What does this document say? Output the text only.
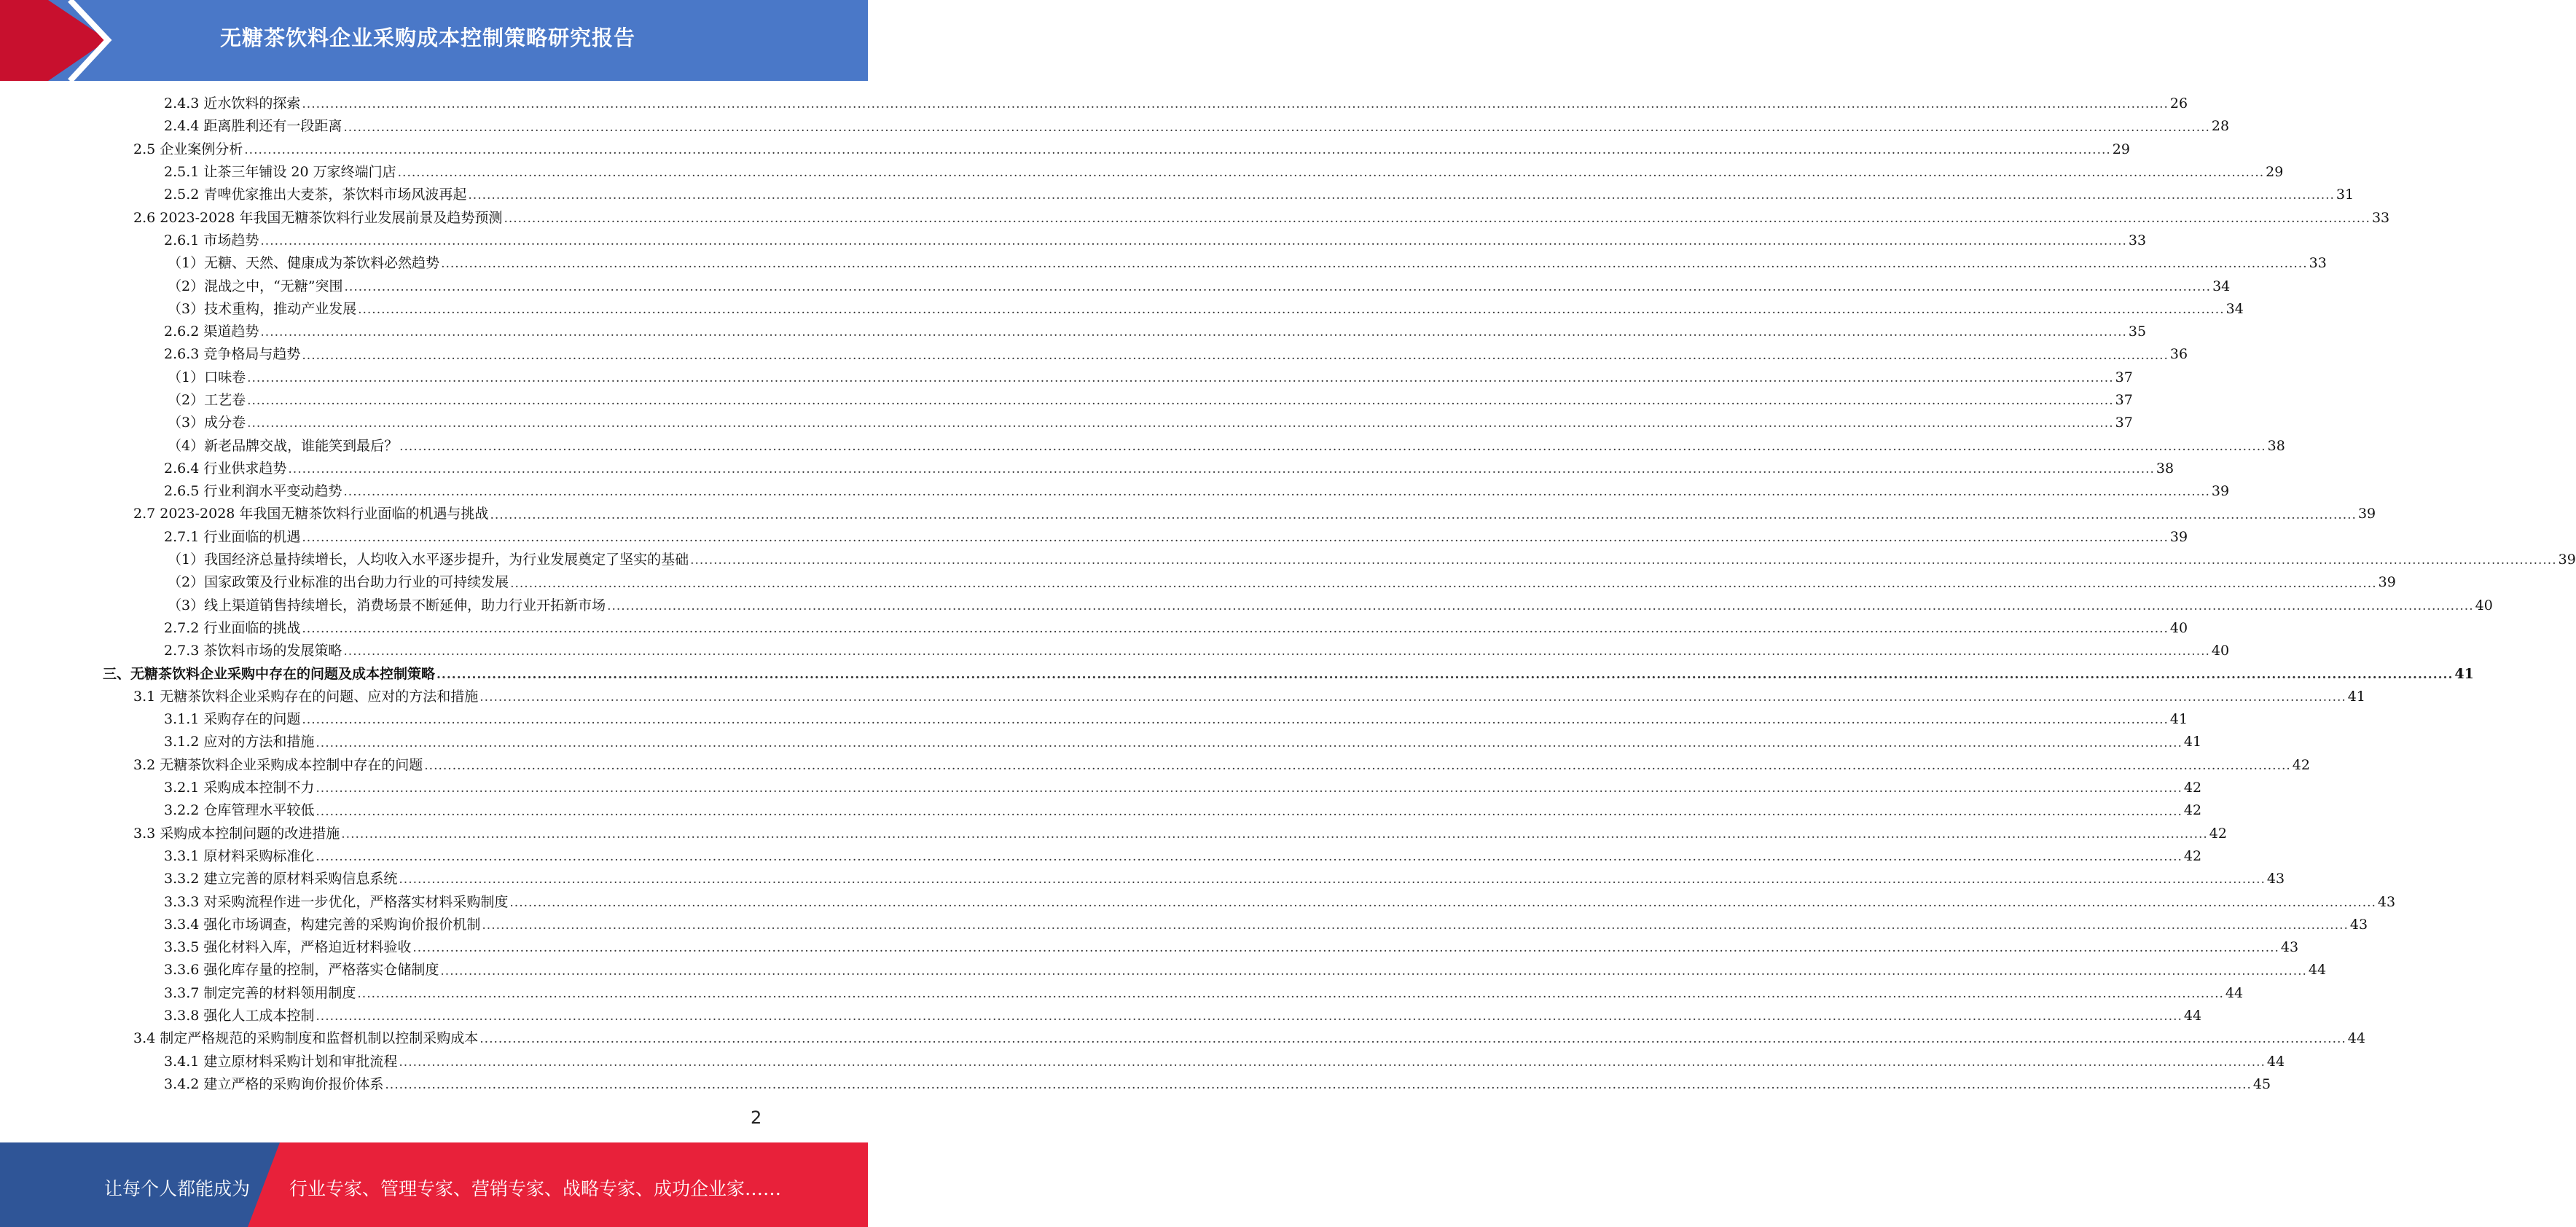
无糖茶饮料企业采购成本控制策略研究报告
2.4.3 近水饮料的探索 ................................................................................................................................................................................................................................................................................................................................................................................................................ 26
2.4.4 距离胜利还有一段距离 ................................................................................................................................................................................................................................................................................................................................................................................................................ 28
2.5 企业案例分析 ................................................................................................................................................................................................................................................................................................................................................................................................................ 29
2.5.1 让茶三年铺设 20 万家终端门店 ................................................................................................................................................................................................................................................................................................................................................................................................................ 29
2.5.2 青啤优家推出大麦茶，茶饮料市场风波再起 ................................................................................................................................................................................................................................................................................................................................................................................................................ 31
2.6 2023-2028 年我国无糖茶饮料行业发展前景及趋势预测 ................................................................................................................................................................................................................................................................................................................................................................................................................ 33
2.6.1 市场趋势 ................................................................................................................................................................................................................................................................................................................................................................................................................ 33
（1）无糖、天然、健康成为茶饮料必然趋势 ................................................................................................................................................................................................................................................................................................................................................................................................................ 33
（2）混战之中，“无糖”突围 ................................................................................................................................................................................................................................................................................................................................................................................................................ 34
（3）技术重构，推动产业发展 ................................................................................................................................................................................................................................................................................................................................................................................................................ 34
2.6.2 渠道趋势 ................................................................................................................................................................................................................................................................................................................................................................................................................ 35
2.6.3 竞争格局与趋势 ................................................................................................................................................................................................................................................................................................................................................................................................................ 36
（1）口味卷 ................................................................................................................................................................................................................................................................................................................................................................................................................ 37
（2）工艺卷 ................................................................................................................................................................................................................................................................................................................................................................................................................ 37
（3）成分卷 ................................................................................................................................................................................................................................................................................................................................................................................................................ 37
（4）新老品牌交战，谁能笑到最后？ ................................................................................................................................................................................................................................................................................................................................................................................................................ 38
2.6.4 行业供求趋势 ................................................................................................................................................................................................................................................................................................................................................................................................................ 38
2.6.5 行业利润水平变动趋势 ................................................................................................................................................................................................................................................................................................................................................................................................................ 39
2.7 2023-2028 年我国无糖茶饮料行业面临的机遇与挑战 ................................................................................................................................................................................................................................................................................................................................................................................................................ 39
2.7.1 行业面临的机遇 ................................................................................................................................................................................................................................................................................................................................................................................................................ 39
（1）我国经济总量持续增长，人均收入水平逐步提升，为行业发展奠定了坚实的基础 ................................................................................................................................................................................................................................................................................................................................................................................................................ 39
（2）国家政策及行业标准的出台助力行业的可持续发展 ................................................................................................................................................................................................................................................................................................................................................................................................................ 39
（3）线上渠道销售持续增长，消费场景不断延伸，助力行业开拓新市场 ................................................................................................................................................................................................................................................................................................................................................................................................................ 40
2.7.2 行业面临的挑战 ................................................................................................................................................................................................................................................................................................................................................................................................................ 40
2.7.3 茶饮料市场的发展策略 ................................................................................................................................................................................................................................................................................................................................................................................................................ 40
三、无糖茶饮料企业采购中存在的问题及成本控制策略 ................................................................................................................................................................................................................................................................................................................................................................................................................ 41
3.1 无糖茶饮料企业采购存在的问题、应对的方法和措施 ................................................................................................................................................................................................................................................................................................................................................................................................................ 41
3.1.1 采购存在的问题 ................................................................................................................................................................................................................................................................................................................................................................................................................ 41
3.1.2 应对的方法和措施 ................................................................................................................................................................................................................................................................................................................................................................................................................ 41
3.2 无糖茶饮料企业采购成本控制中存在的问题 ................................................................................................................................................................................................................................................................................................................................................................................................................ 42
3.2.1 采购成本控制不力 ................................................................................................................................................................................................................................................................................................................................................................................................................ 42
3.2.2 仓库管理水平较低 ................................................................................................................................................................................................................................................................................................................................................................................................................ 42
3.3 采购成本控制问题的改进措施 ................................................................................................................................................................................................................................................................................................................................................................................................................ 42
3.3.1 原材料采购标准化 ................................................................................................................................................................................................................................................................................................................................................................................................................ 42
3.3.2 建立完善的原材料采购信息系统 ................................................................................................................................................................................................................................................................................................................................................................................................................ 43
3.3.3 对采购流程作进一步优化，严格落实材料采购制度 ................................................................................................................................................................................................................................................................................................................................................................................................................ 43
3.3.4 强化市场调查，构建完善的采购询价报价机制 ................................................................................................................................................................................................................................................................................................................................................................................................................ 43
3.3.5 强化材料入库，严格迫近材料验收 ................................................................................................................................................................................................................................................................................................................................................................................................................ 43
3.3.6 强化库存量的控制，严格落实仓储制度 ................................................................................................................................................................................................................................................................................................................................................................................................................ 44
3.3.7 制定完善的材料领用制度 ................................................................................................................................................................................................................................................................................................................................................................................................................ 44
3.3.8 强化人工成本控制 ................................................................................................................................................................................................................................................................................................................................................................................................................ 44
3.4 制定严格规范的采购制度和监督机制以控制采购成本 ................................................................................................................................................................................................................................................................................................................................................................................................................ 44
3.4.1 建立原材料采购计划和审批流程 ................................................................................................................................................................................................................................................................................................................................................................................................................ 44
3.4.2 建立严格的采购询价报价体系 ................................................................................................................................................................................................................................................................................................................................................................................................................ 45
2
让每个人都能成为 行业专家、管理专家、营销专家、战略专家、成功企业家……
